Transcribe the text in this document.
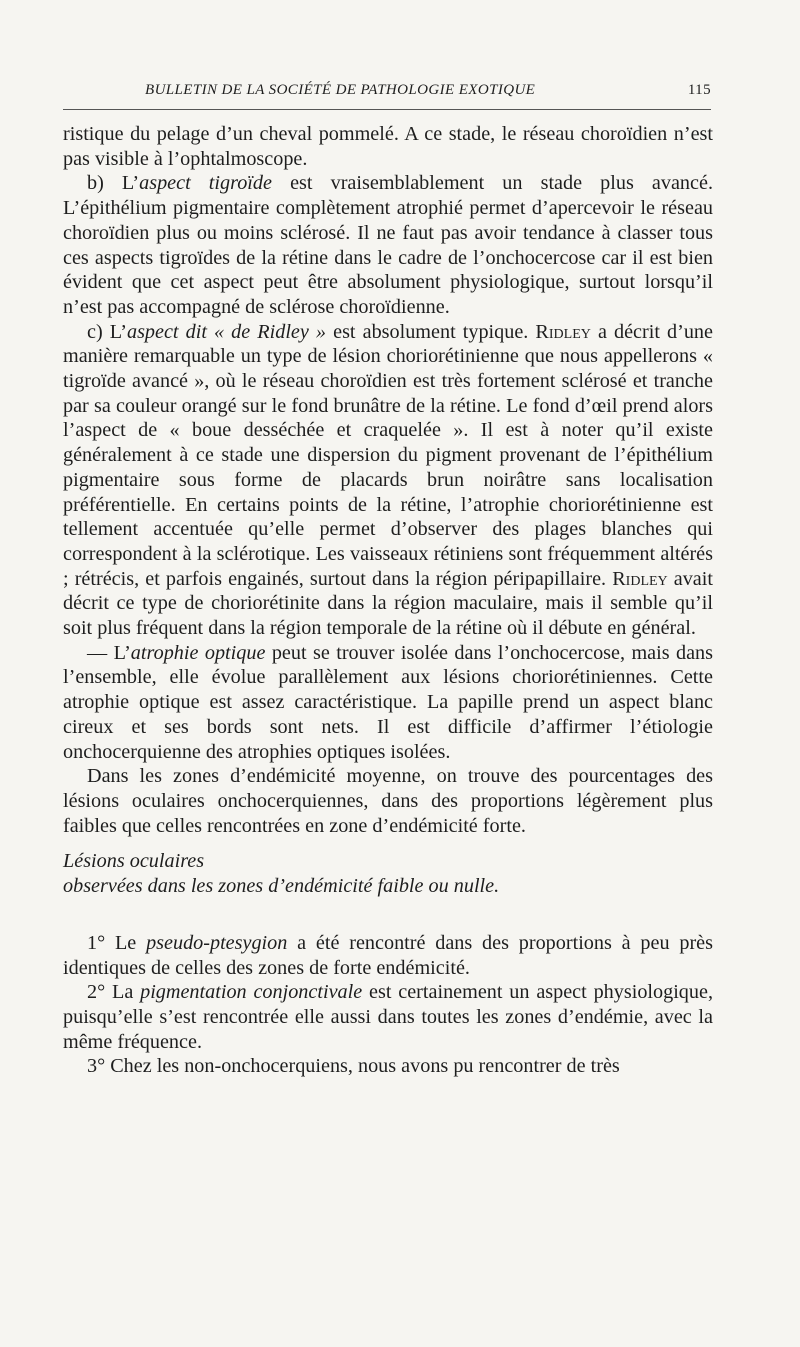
BULLETIN DE LA SOCIÉTÉ DE PATHOLOGIE EXOTIQUE	115

ristique du pelage d’un cheval pommelé. A ce stade, le réseau choroïdien n’est pas visible à l’ophtalmoscope.

b) L’aspect tigroïde est vraisemblablement un stade plus avancé. L’épithélium pigmentaire complètement atrophié permet d’apercevoir le réseau choroïdien plus ou moins sclérosé. Il ne faut pas avoir tendance à classer tous ces aspects tigroïdes de la rétine dans le cadre de l’onchocercose car il est bien évident que cet aspect peut être absolument physiologique, surtout lorsqu’il n’est pas accompagné de sclérose choroïdienne.

c) L’aspect dit « de Ridley » est absolument typique. Ridley a décrit d’une manière remarquable un type de lésion choriorétinienne que nous appellerons « tigroïde avancé », où le réseau choroïdien est très fortement sclérosé et tranche par sa couleur orangé sur le fond brunâtre de la rétine. Le fond d’œil prend alors l’aspect de « boue desséchée et craquelée ». Il est à noter qu’il existe généralement à ce stade une dispersion du pigment provenant de l’épithélium pigmentaire sous forme de placards brun noirâtre sans localisation préférentielle. En certains points de la rétine, l’atrophie choriorétinienne est tellement accentuée qu’elle permet d’observer des plages blanches qui correspondent à la sclérotique. Les vaisseaux rétiniens sont fréquemment altérés ; rétrécis, et parfois engainés, surtout dans la région péripapillaire. Ridley avait décrit ce type de choriorétinite dans la région maculaire, mais il semble qu’il soit plus fréquent dans la région temporale de la rétine où il débute en général.

— L’atrophie optique peut se trouver isolée dans l’onchocercose, mais dans l’ensemble, elle évolue parallèlement aux lésions choriorétiniennes. Cette atrophie optique est assez caractéristique. La papille prend un aspect blanc cireux et ses bords sont nets. Il est difficile d’affirmer l’étiologie onchocerquienne des atrophies optiques isolées.

Dans les zones d’endémicité moyenne, on trouve des pourcentages des lésions oculaires onchocerquiennes, dans des proportions légèrement plus faibles que celles rencontrées en zone d’endémicité forte.

Lésions oculaires

observées dans les zones d’endémicité faible ou nulle.

1° Le pseudo-ptesygion a été rencontré dans des proportions à peu près identiques de celles des zones de forte endémicité.

2° La pigmentation conjonctivale est certainement un aspect physiologique, puisqu’elle s’est rencontrée elle aussi dans toutes les zones d’endémie, avec la même fréquence.

3° Chez les non-onchocerquiens, nous avons pu rencontrer de très
